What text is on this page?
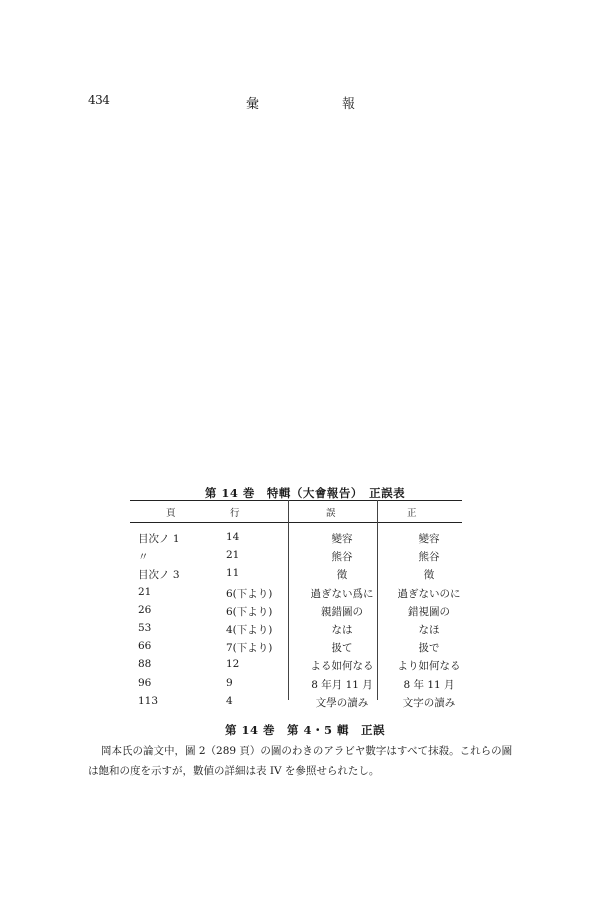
434	彙	報
第 14 巻　特輯（大會報告）　正誤表
頁	行	誤	正
目次ノ 1	14	變容	變容
〃	21	熊谷	熊谷
目次ノ 3	11	徵	徵
21	6(下より)	過ぎない爲に	過ぎないのに
26	6(下より)	親錯圖の	錯視圖の
53	4(下より)	なは	なほ
66	7(下より)	扱て	扱で
88	12	よる如何なる	より如何なる
96	9	8 年月 11 月	8 年 11 月
113	4	文學の讀み	文字の讀み
第 14 巻　第 4・5 輯　正誤
岡本氏の論文中，圖 2（289 頁）の圖のわきのアラビヤ數字はすべて抹殺。これらの圖
は飽和の度を示すが，數値の詳細は表 IV を參照せられたし。
